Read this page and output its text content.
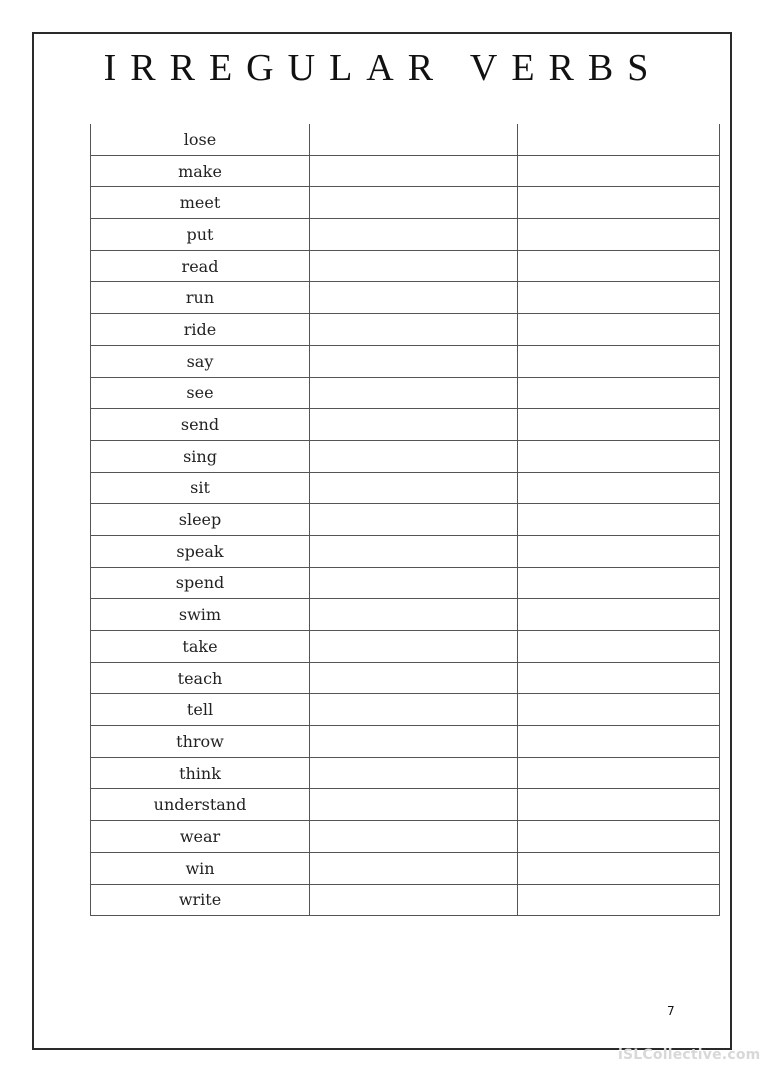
IRREGULAR VERBS
lose
make
meet
put
read
run
ride
say
see
send
sing
sit
sleep
speak
spend
swim
take
teach
tell
throw
think
understand
wear
win
write
7
iSLCollective.com
